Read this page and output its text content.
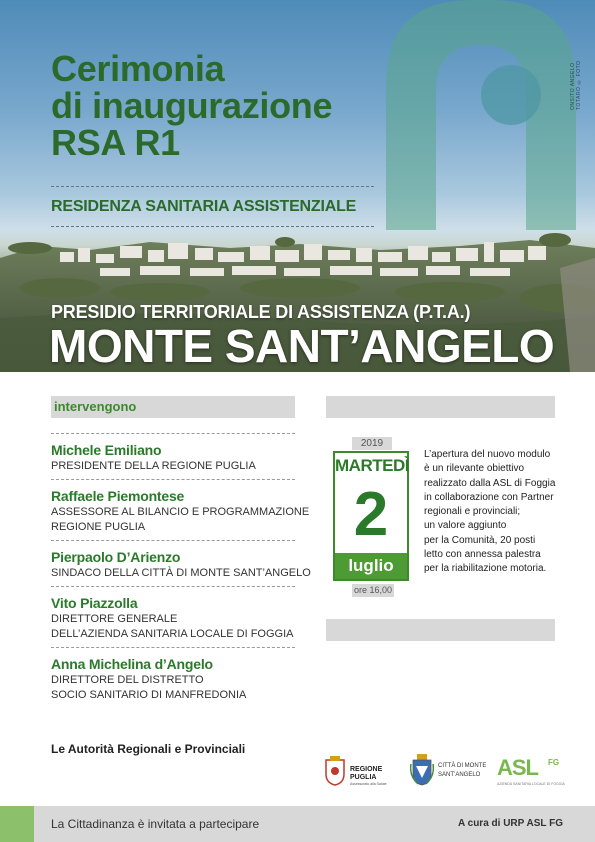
ONSITO ANGELO TOTARO © FOTO
Cerimonia
di inaugurazione
RSA R1
RESIDENZA SANITARIA ASSISTENZIALE
PRESIDIO TERRITORIALE DI ASSISTENZA (P.T.A.)
MONTE SANT’ANGELO
intervengono
Michele Emiliano
PRESIDENTE DELLA REGIONE PUGLIA
Raffaele Piemontese
ASSESSORE AL BILANCIO E PROGRAMMAZIONE
REGIONE PUGLIA
Pierpaolo D’Arienzo
SINDACO DELLA CITTÀ DI MONTE SANT’ANGELO
Vito Piazzolla
DIRETTORE GENERALE
DELL’AZIENDA SANITARIA LOCALE DI FOGGIA
Anna Michelina d’Angelo
DIRETTORE DEL DISTRETTO
SOCIO SANITARIO DI MANFREDONIA
Le Autorità Regionali e Provinciali
2019
MARTEDÌ
2
luglio
ore 16,00
L’apertura del nuovo modulo
è un rilevante obiettivo
realizzato dalla ASL di Foggia
in collaborazione con Partner
regionali e provinciali;
un valore aggiunto
per la Comunità, 20 posti
letto con annessa palestra
per la riabilitazione motoria.
REGIONE
PUGLIA
Assessorato alla Salute
CITTÀ DI MONTE
SANT’ANGELO ASL FG
AZIENDA SANITARIA LOCALE DI FOGGIA
La Cittadinanza è invitata a partecipare	A cura di URP ASL FG
